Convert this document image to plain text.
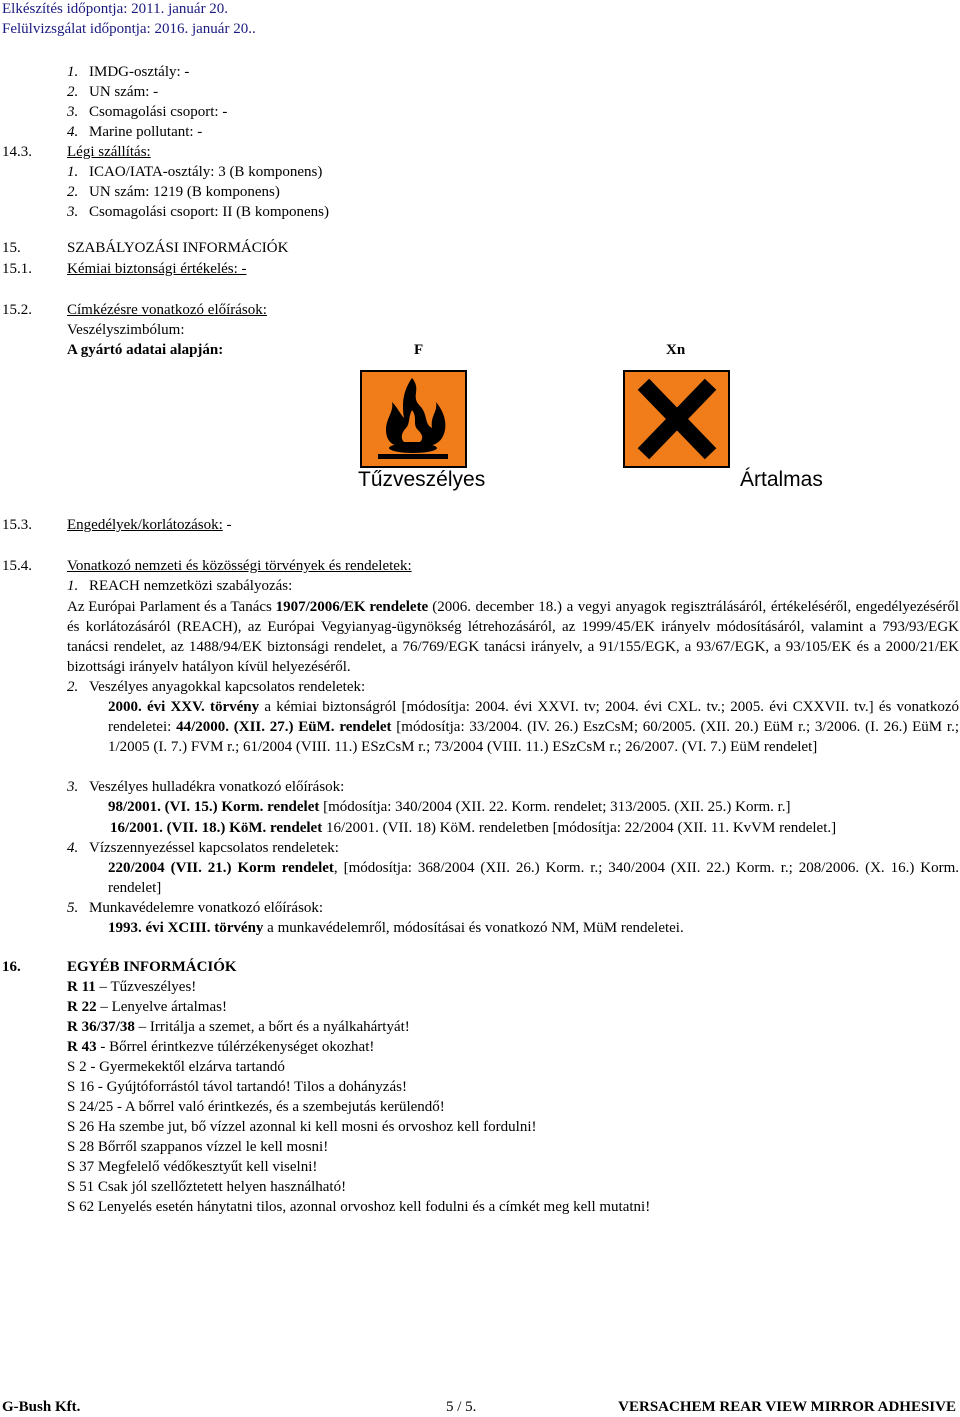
Elkészítés időpontja: 2011. január 20.
Felülvizsgálat időpontja: 2016. január 20..
1. IMDG-osztály: -
2. UN szám: -
3. Csomagolási csoport: -
4. Marine pollutant: -
14.3. Légi szállítás:
1. ICAO/IATA-osztály: 3 (B komponens)
2. UN szám: 1219 (B komponens)
3. Csomagolási csoport: II (B komponens)
15.	SZABÁLYOZÁSI INFORMÁCIÓK
15.1. Kémiai biztonsági értékelés: -
15.2. Címkézésre vonatkozó előírások:
Veszélyszimbólum:
A gyártó adatai alapján:	F	Xn
Tűzveszélyes	Ártalmas
15.3. Engedélyek/korlátozások: -
15.4. Vonatkozó nemzeti és közösségi törvények és rendeletek:
1. REACH nemzetközi szabályozás:
Az Európai Parlament és a Tanács 1907/2006/EK rendelete (2006. december 18.) a vegyi anyagok regisztrálásáról, értékeléséről, engedélyezéséről és korlátozásáról (REACH), az Európai Vegyianyag-ügynökség létrehozásáról, az 1999/45/EK irányelv módosításáról, valamint a 793/93/EGK tanácsi rendelet, az 1488/94/EK biztonsági rendelet, a 76/769/EGK tanácsi irányelv, a 91/155/EGK, a 93/67/EGK, a 93/105/EK és a 2000/21/EK bizottsági irányelv hatályon kívül helyezéséről.
2. Veszélyes anyagokkal kapcsolatos rendeletek:
2000. évi XXV. törvény a kémiai biztonságról [módosítja: 2004. évi XXVI. tv; 2004. évi CXL. tv.; 2005. évi CXXVII. tv.] és vonatkozó rendeletei: 44/2000. (XII. 27.) EüM. rendelet [módosítja: 33/2004. (IV. 26.) EszCsM; 60/2005. (XII. 20.) EüM r.; 3/2006. (I. 26.) EüM r.; 1/2005 (I. 7.) FVM r.; 61/2004 (VIII. 11.) ESzCsM r.; 73/2004 (VIII. 11.) ESzCsM r.; 26/2007. (VI. 7.) EüM rendelet]
3. Veszélyes hulladékra vonatkozó előírások:
98/2001. (VI. 15.) Korm. rendelet [módosítja: 340/2004 (XII. 22. Korm. rendelet; 313/2005. (XII. 25.) Korm. r.]
16/2001. (VII. 18.) KöM. rendelet 16/2001. (VII. 18) KöM. rendeletben [módosítja: 22/2004 (XII. 11. KvVM rendelet.]
4. Vízszennyezéssel kapcsolatos rendeletek:
220/2004 (VII. 21.) Korm rendelet, [módosítja: 368/2004 (XII. 26.) Korm. r.; 340/2004 (XII. 22.) Korm. r.; 208/2006. (X. 16.) Korm. rendelet]
5. Munkavédelemre vonatkozó előírások:
1993. évi XCIII. törvény a munkavédelemről, módosításai és vonatkozó NM, MüM rendeletei.
16.	EGYÉB INFORMÁCIÓK
R 11 – Tűzveszélyes!
R 22 – Lenyelve ártalmas!
R 36/37/38 – Irritálja a szemet, a bőrt és a nyálkahártyát!
R 43 - Bőrrel érintkezve túlérzékenységet okozhat!
S 2 - Gyermekektől elzárva tartandó
S 16 - Gyújtóforrástól távol tartandó! Tilos a dohányzás!
S 24/25 - A bőrrel való érintkezés, és a szembejutás kerülendő!
S 26 Ha szembe jut, bő vízzel azonnal ki kell mosni és orvoshoz kell fordulni!
S 28 Bőrről szappanos vízzel le kell mosni!
S 37 Megfelelő védőkesztyűt kell viselni!
S 51 Csak jól szellőztetett helyen használható!
S 62 Lenyelés esetén hánytatni tilos, azonnal orvoshoz kell fodulni és a címkét meg kell mutatni!
G-Bush Kft.	5 / 5.	VERSACHEM REAR VIEW MIRROR ADHESIVE
